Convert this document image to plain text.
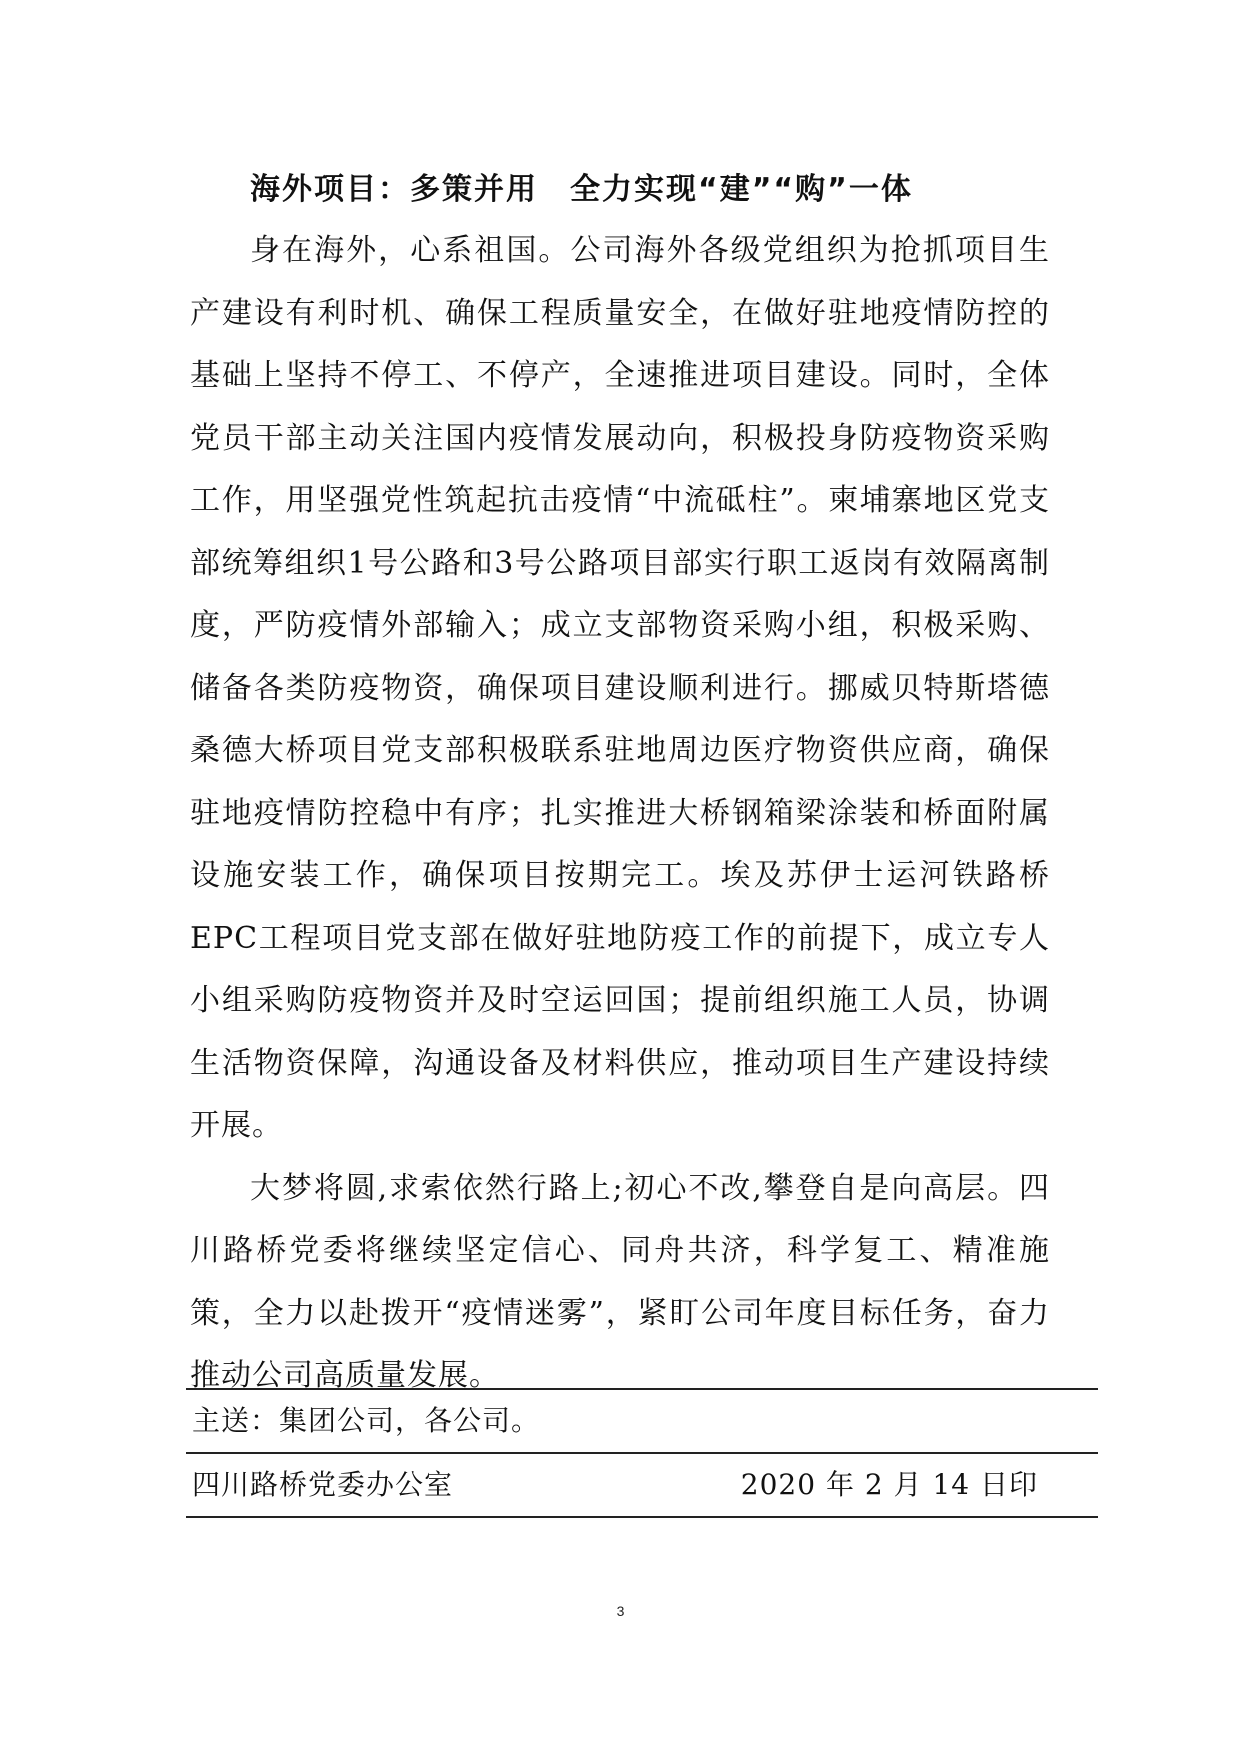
海外项目：多策并用　全力实现“建”“购”一体

身在海外，心系祖国。公司海外各级党组织为抢抓项目生产建设有利时机、确保工程质量安全，在做好驻地疫情防控的基础上坚持不停工、不停产，全速推进项目建设。同时，全体党员干部主动关注国内疫情发展动向，积极投身防疫物资采购工作，用坚强党性筑起抗击疫情“中流砥柱”。柬埔寨地区党支部统筹组织1号公路和3号公路项目部实行职工返岗有效隔离制度，严防疫情外部输入；成立支部物资采购小组，积极采购、储备各类防疫物资，确保项目建设顺利进行。挪威贝特斯塔德桑德大桥项目党支部积极联系驻地周边医疗物资供应商，确保驻地疫情防控稳中有序；扎实推进大桥钢箱梁涂装和桥面附属设施安装工作，确保项目按期完工。埃及苏伊士运河铁路桥EPC工程项目党支部在做好驻地防疫工作的前提下，成立专人小组采购防疫物资并及时空运回国；提前组织施工人员，协调生活物资保障，沟通设备及材料供应，推动项目生产建设持续开展。

大梦将圆,求索依然行路上;初心不改,攀登自是向高层。四川路桥党委将继续坚定信心、同舟共济，科学复工、精准施策，全力以赴拨开“疫情迷雾”，紧盯公司年度目标任务，奋力推动公司高质量发展。

主送：集团公司，各公司。
四川路桥党委办公室	2020 年 2 月 14 日印
3
